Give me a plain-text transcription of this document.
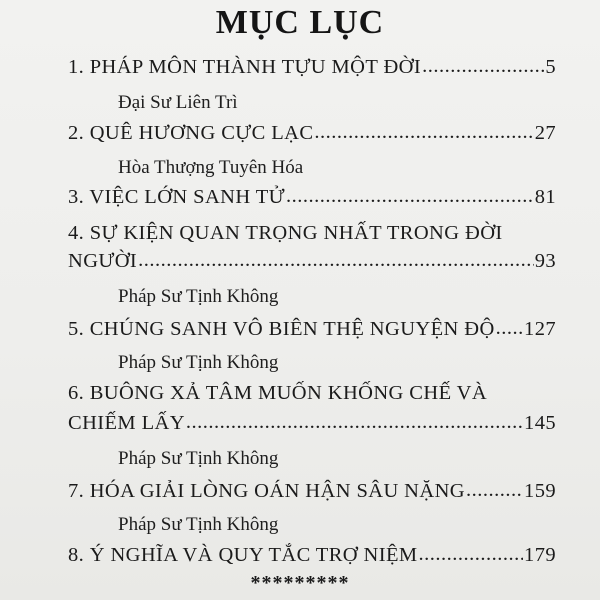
MỤC LỤC
1. PHÁP MÔN THÀNH TỰU MỘT ĐỜI .....	5
Đại Sư Liên Trì
2. QUÊ HƯƠNG CỰC LẠC .....	27
Hòa Thượng Tuyên Hóa
3. VIỆC LỚN SANH TỬ .....	81
4. SỰ KIỆN QUAN TRỌNG NHẤT TRONG ĐỜI
NGƯỜI .....	93
Pháp Sư Tịnh Không
5. CHÚNG SANH VÔ BIÊN THỆ NGUYỆN ĐỘ ..... 127
Pháp Sư Tịnh Không
6. BUÔNG XẢ TÂM MUỐN KHỐNG CHẾ VÀ
CHIẾM LẤY .....	145
Pháp Sư Tịnh Không
7. HÓA GIẢI LÒNG OÁN HẬN SÂU NẶNG .....	159
Pháp Sư Tịnh Không
8. Ý NGHĨA VÀ QUY TẮC TRỢ NIỆM .....	179
*********
